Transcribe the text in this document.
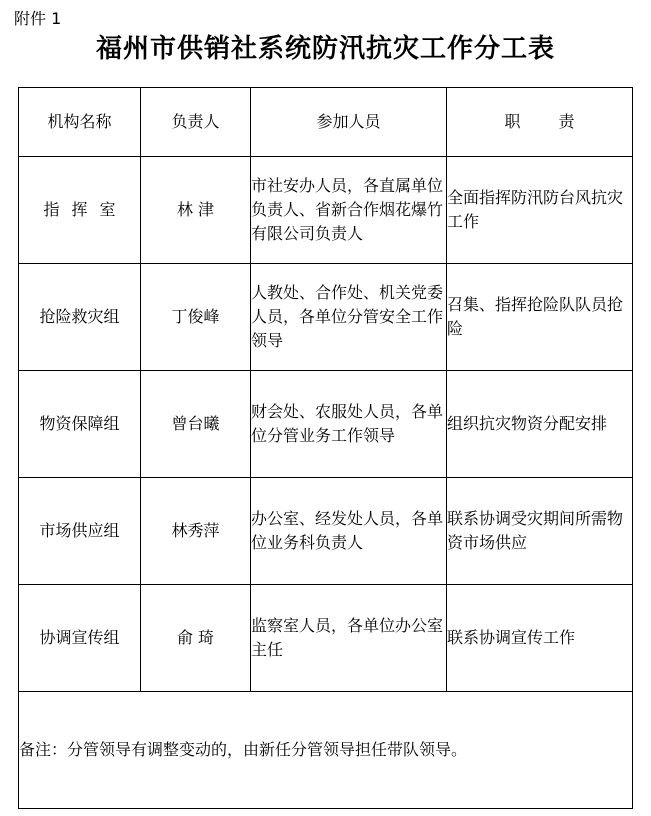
附件 1
福州市供销社系统防汛抗灾工作分工表
机构名称	负责人	参加人员	职 责
指挥室	林 津	市社安办人员，各直属单位负责人、省新合作烟花爆竹有限公司负责人	全面指挥防汛防台风抗灾工作
抢险救灾组	丁俊峰	人教处、合作处、机关党委人员，各单位分管安全工作领导	召集、指挥抢险队队员抢险
物资保障组	曾台曦	财会处、农服处人员，各单位分管业务工作领导	组织抗灾物资分配安排
市场供应组	林秀萍	办公室、经发处人员，各单位业务科负责人	联系协调受灾期间所需物资市场供应
协调宣传组	俞 琦	监察室人员，各单位办公室主任	联系协调宣传工作
备注：分管领导有调整变动的，由新任分管领导担任带队领导。			
